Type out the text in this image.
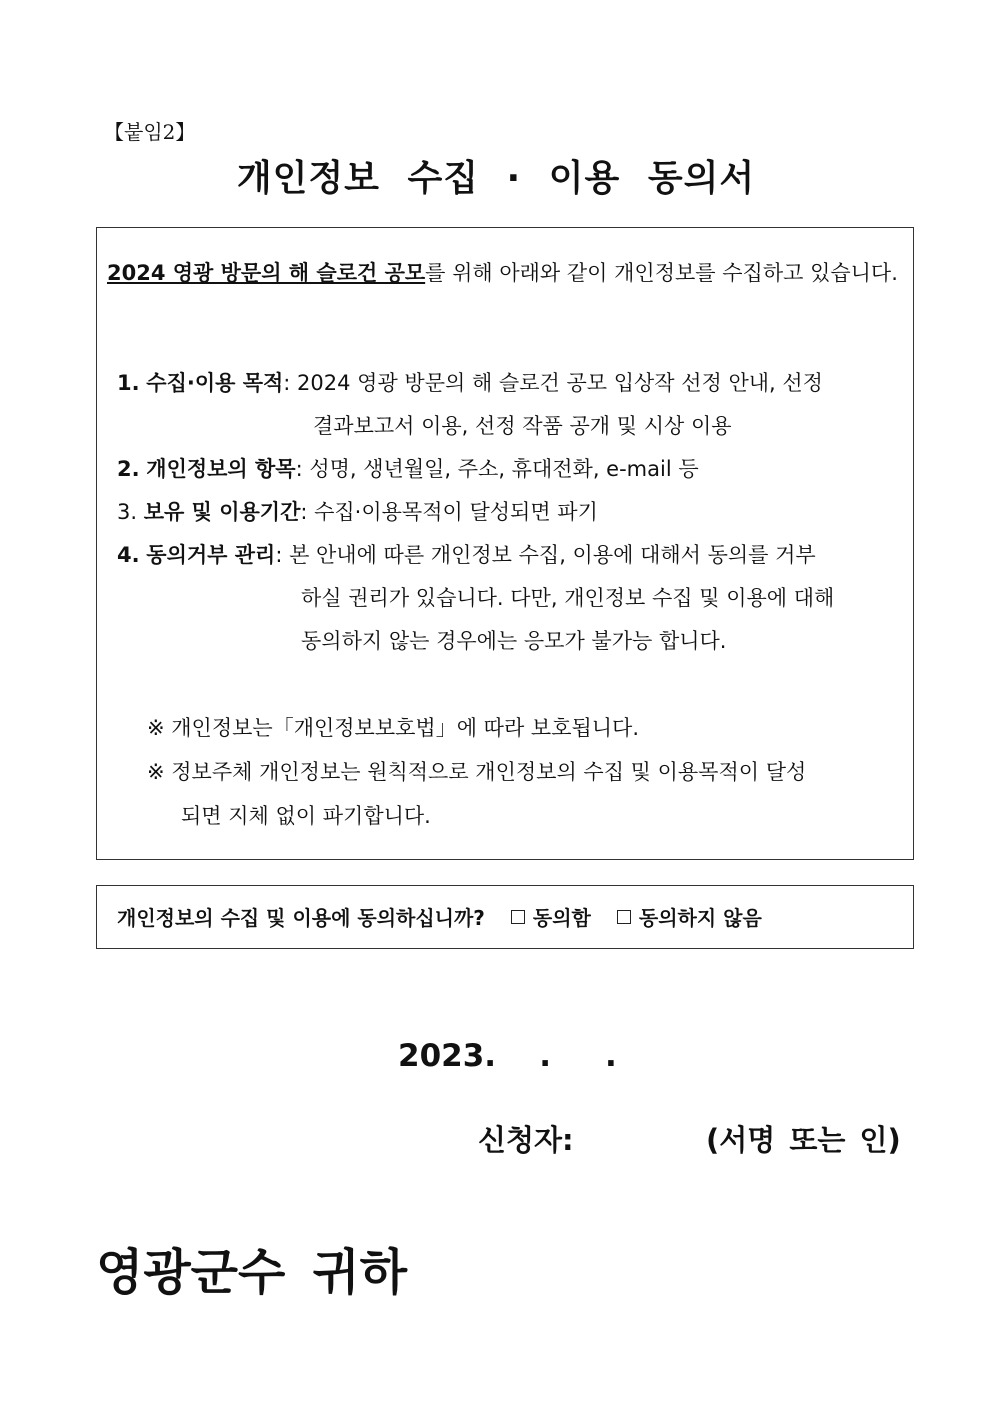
【붙임2】
개인정보 수집 · 이용 동의서
2024 영광 방문의 해 슬로건 공모를 위해 아래와 같이 개인정보를 수집하고 있습니다.
1. 수집·이용 목적: 2024 영광 방문의 해 슬로건 공모 입상작 선정 안내, 선정
결과보고서 이용, 선정 작품 공개 및 시상 이용
2. 개인정보의 항목: 성명, 생년월일, 주소, 휴대전화, e-mail 등
3. 보유 및 이용기간: 수집·이용목적이 달성되면 파기
4. 동의거부 관리: 본 안내에 따른 개인정보 수집, 이용에 대해서 동의를 거부
하실 권리가 있습니다. 다만, 개인정보 수집 및 이용에 대해
동의하지 않는 경우에는 응모가 불가능 합니다.
※ 개인정보는「개인정보보호법」에 따라 보호됩니다.
※ 정보주체 개인정보는 원칙적으로 개인정보의 수집 및 이용목적이 달성
되면 지체 없이 파기합니다.
개인정보의 수집 및 이용에 동의하십니까? 동의함 동의하지 않음
2023.    .     .
신청자:	(서명 또는 인)
영광군수 귀하
